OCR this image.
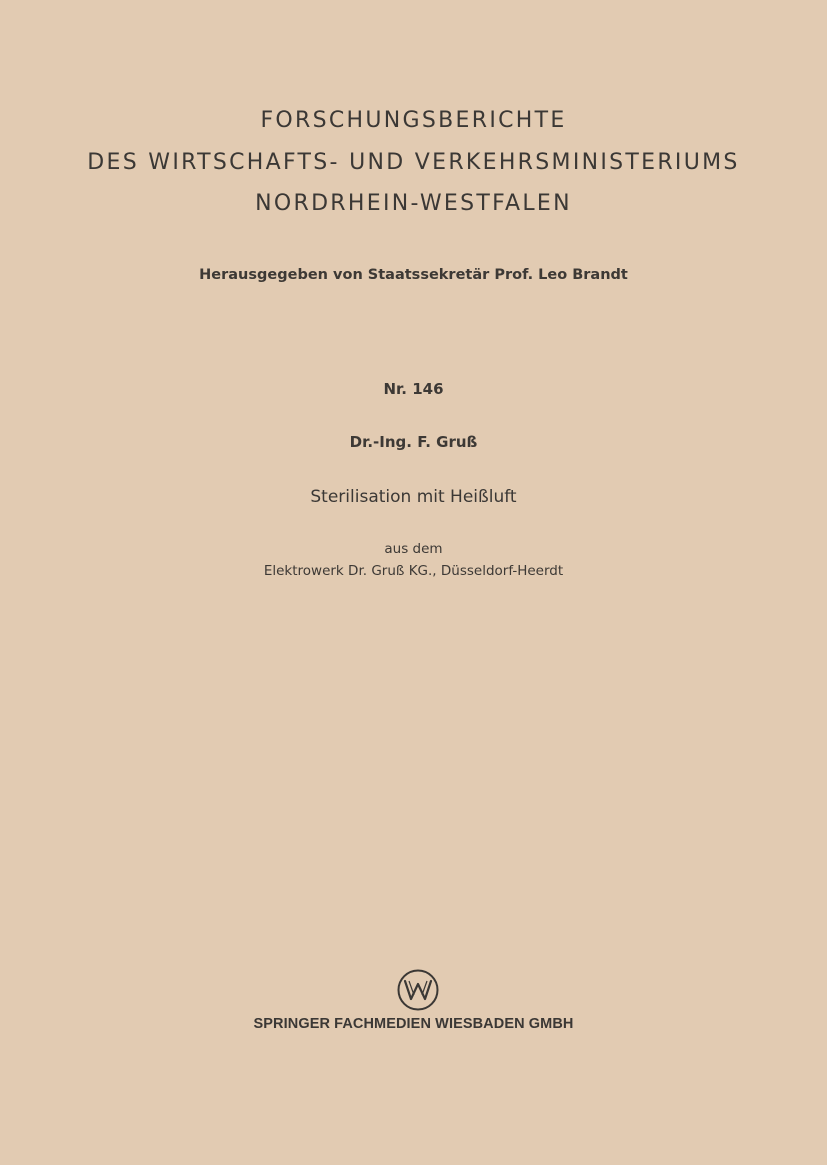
FORSCHUNGSBERICHTE
DES WIRTSCHAFTS- UND VERKEHRSMINISTERIUMS
NORDRHEIN-WESTFALEN
Herausgegeben von Staatssekretär Prof. Leo Brandt
Nr. 146
Dr.-Ing. F. Gruß
Sterilisation mit Heißluft
aus dem
Elektrowerk Dr. Gruß KG., Düsseldorf-Heerdt
SPRINGER FACHMEDIEN WIESBADEN GMBH
